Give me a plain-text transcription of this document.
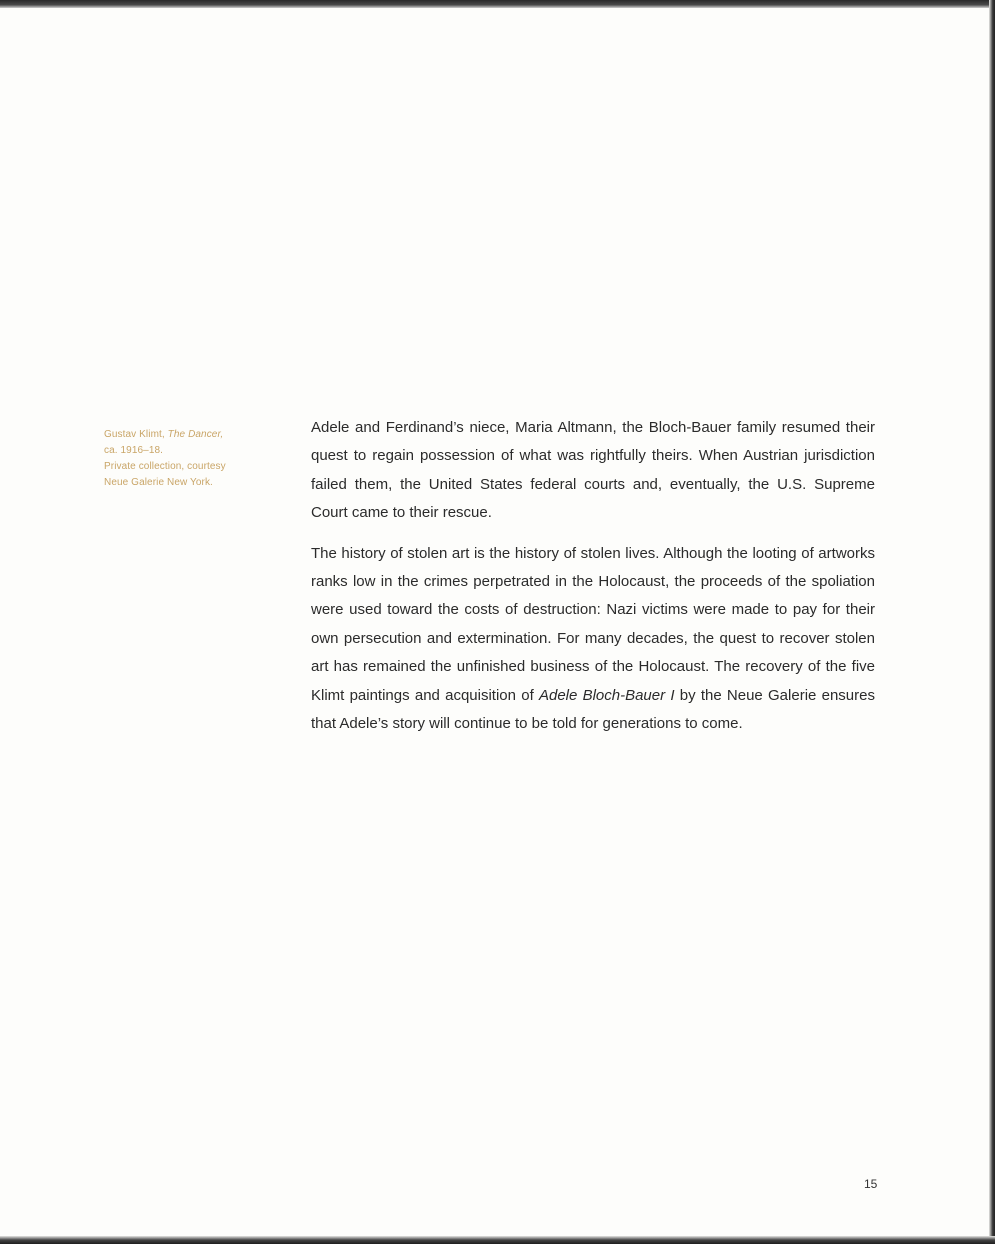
Gustav Klimt, The Dancer,
ca. 1916–18.
Private collection, courtesy
Neue Galerie New York.

Adele and Ferdinand’s niece, Maria Altmann, the Bloch-Bauer family resumed their quest to regain possession of what was rightfully theirs. When Austrian jurisdiction failed them, the United States federal courts and, eventually, the U.S. Supreme Court came to their rescue.

The history of stolen art is the history of stolen lives. Although the looting of artworks ranks low in the crimes perpetrated in the Holocaust, the proceeds of the spoliation were used toward the costs of destruction: Nazi victims were made to pay for their own persecution and extermination. For many decades, the quest to recover stolen art has remained the unfinished business of the Holocaust. The recovery of the five Klimt paintings and acquisition of Adele Bloch-Bauer I by the Neue Galerie ensures that Adele’s story will continue to be told for generations to come.

15
